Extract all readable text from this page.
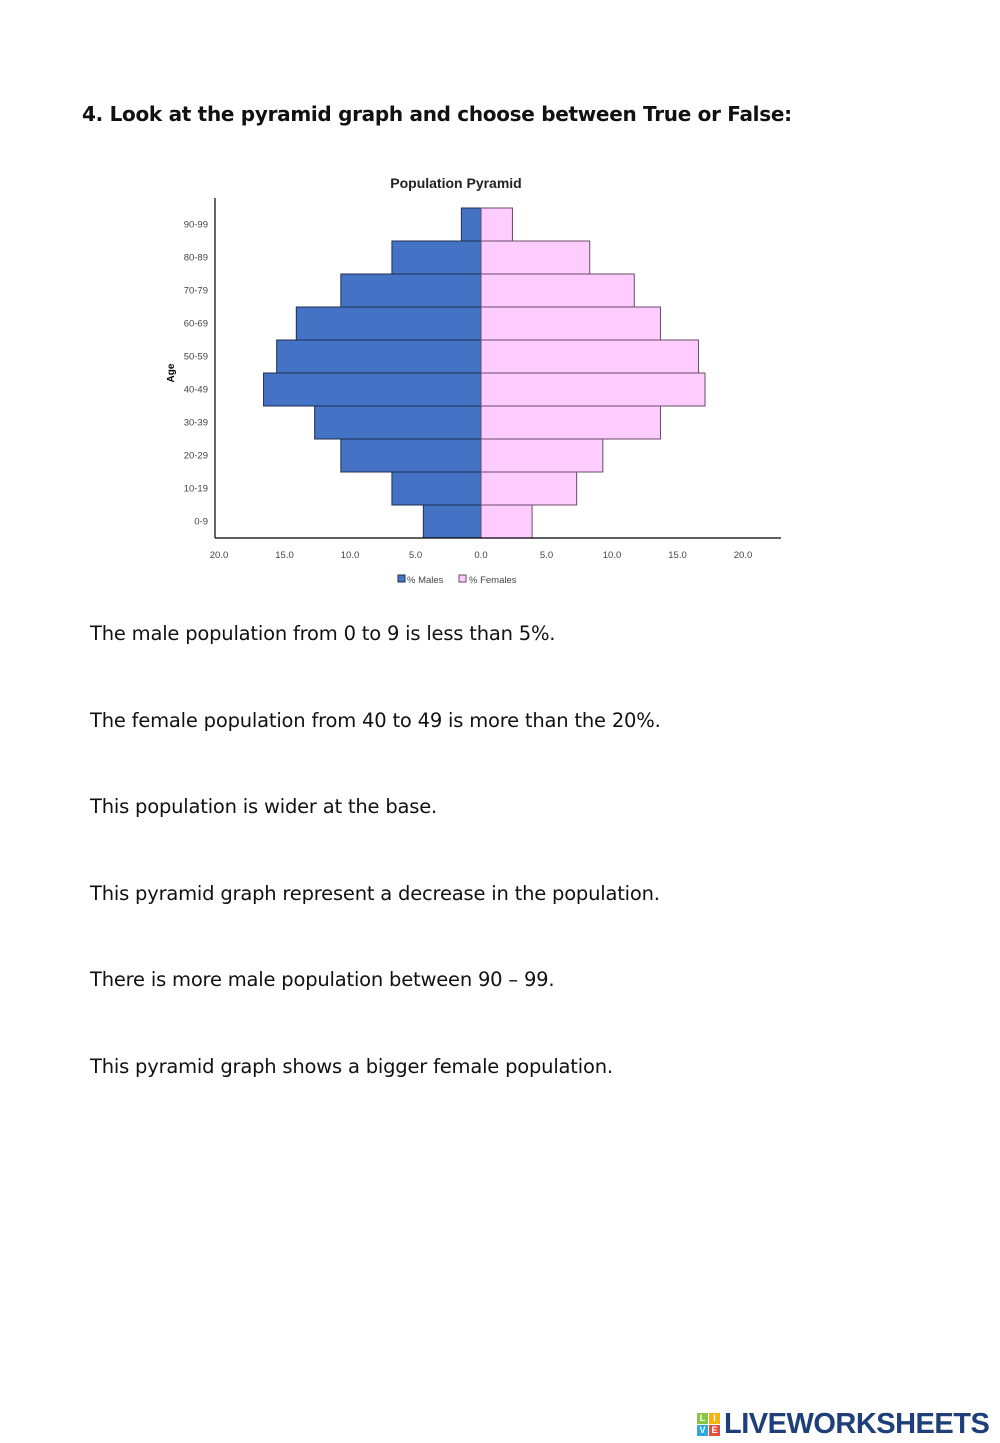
4. Look at the pyramid graph and choose between True or False:
Population Pyramid
0-9
10-19
20-29
30-39
40-49
50-59
60-69
70-79
80-89
90-99
20.0	15.0	10.0	5.0	0.0	5.0	10.0	15.0	20.0
Age
% Males	% Females
The male population from 0 to 9 is less than 5%.
The female population from 40 to 49 is more than the 20%.
This population is wider at the base.
This pyramid graph represent a decrease in the population.
There is more male population between 90 – 99.
This pyramid graph shows a bigger female population.
L I
V E LIVEWORKSHEETS
